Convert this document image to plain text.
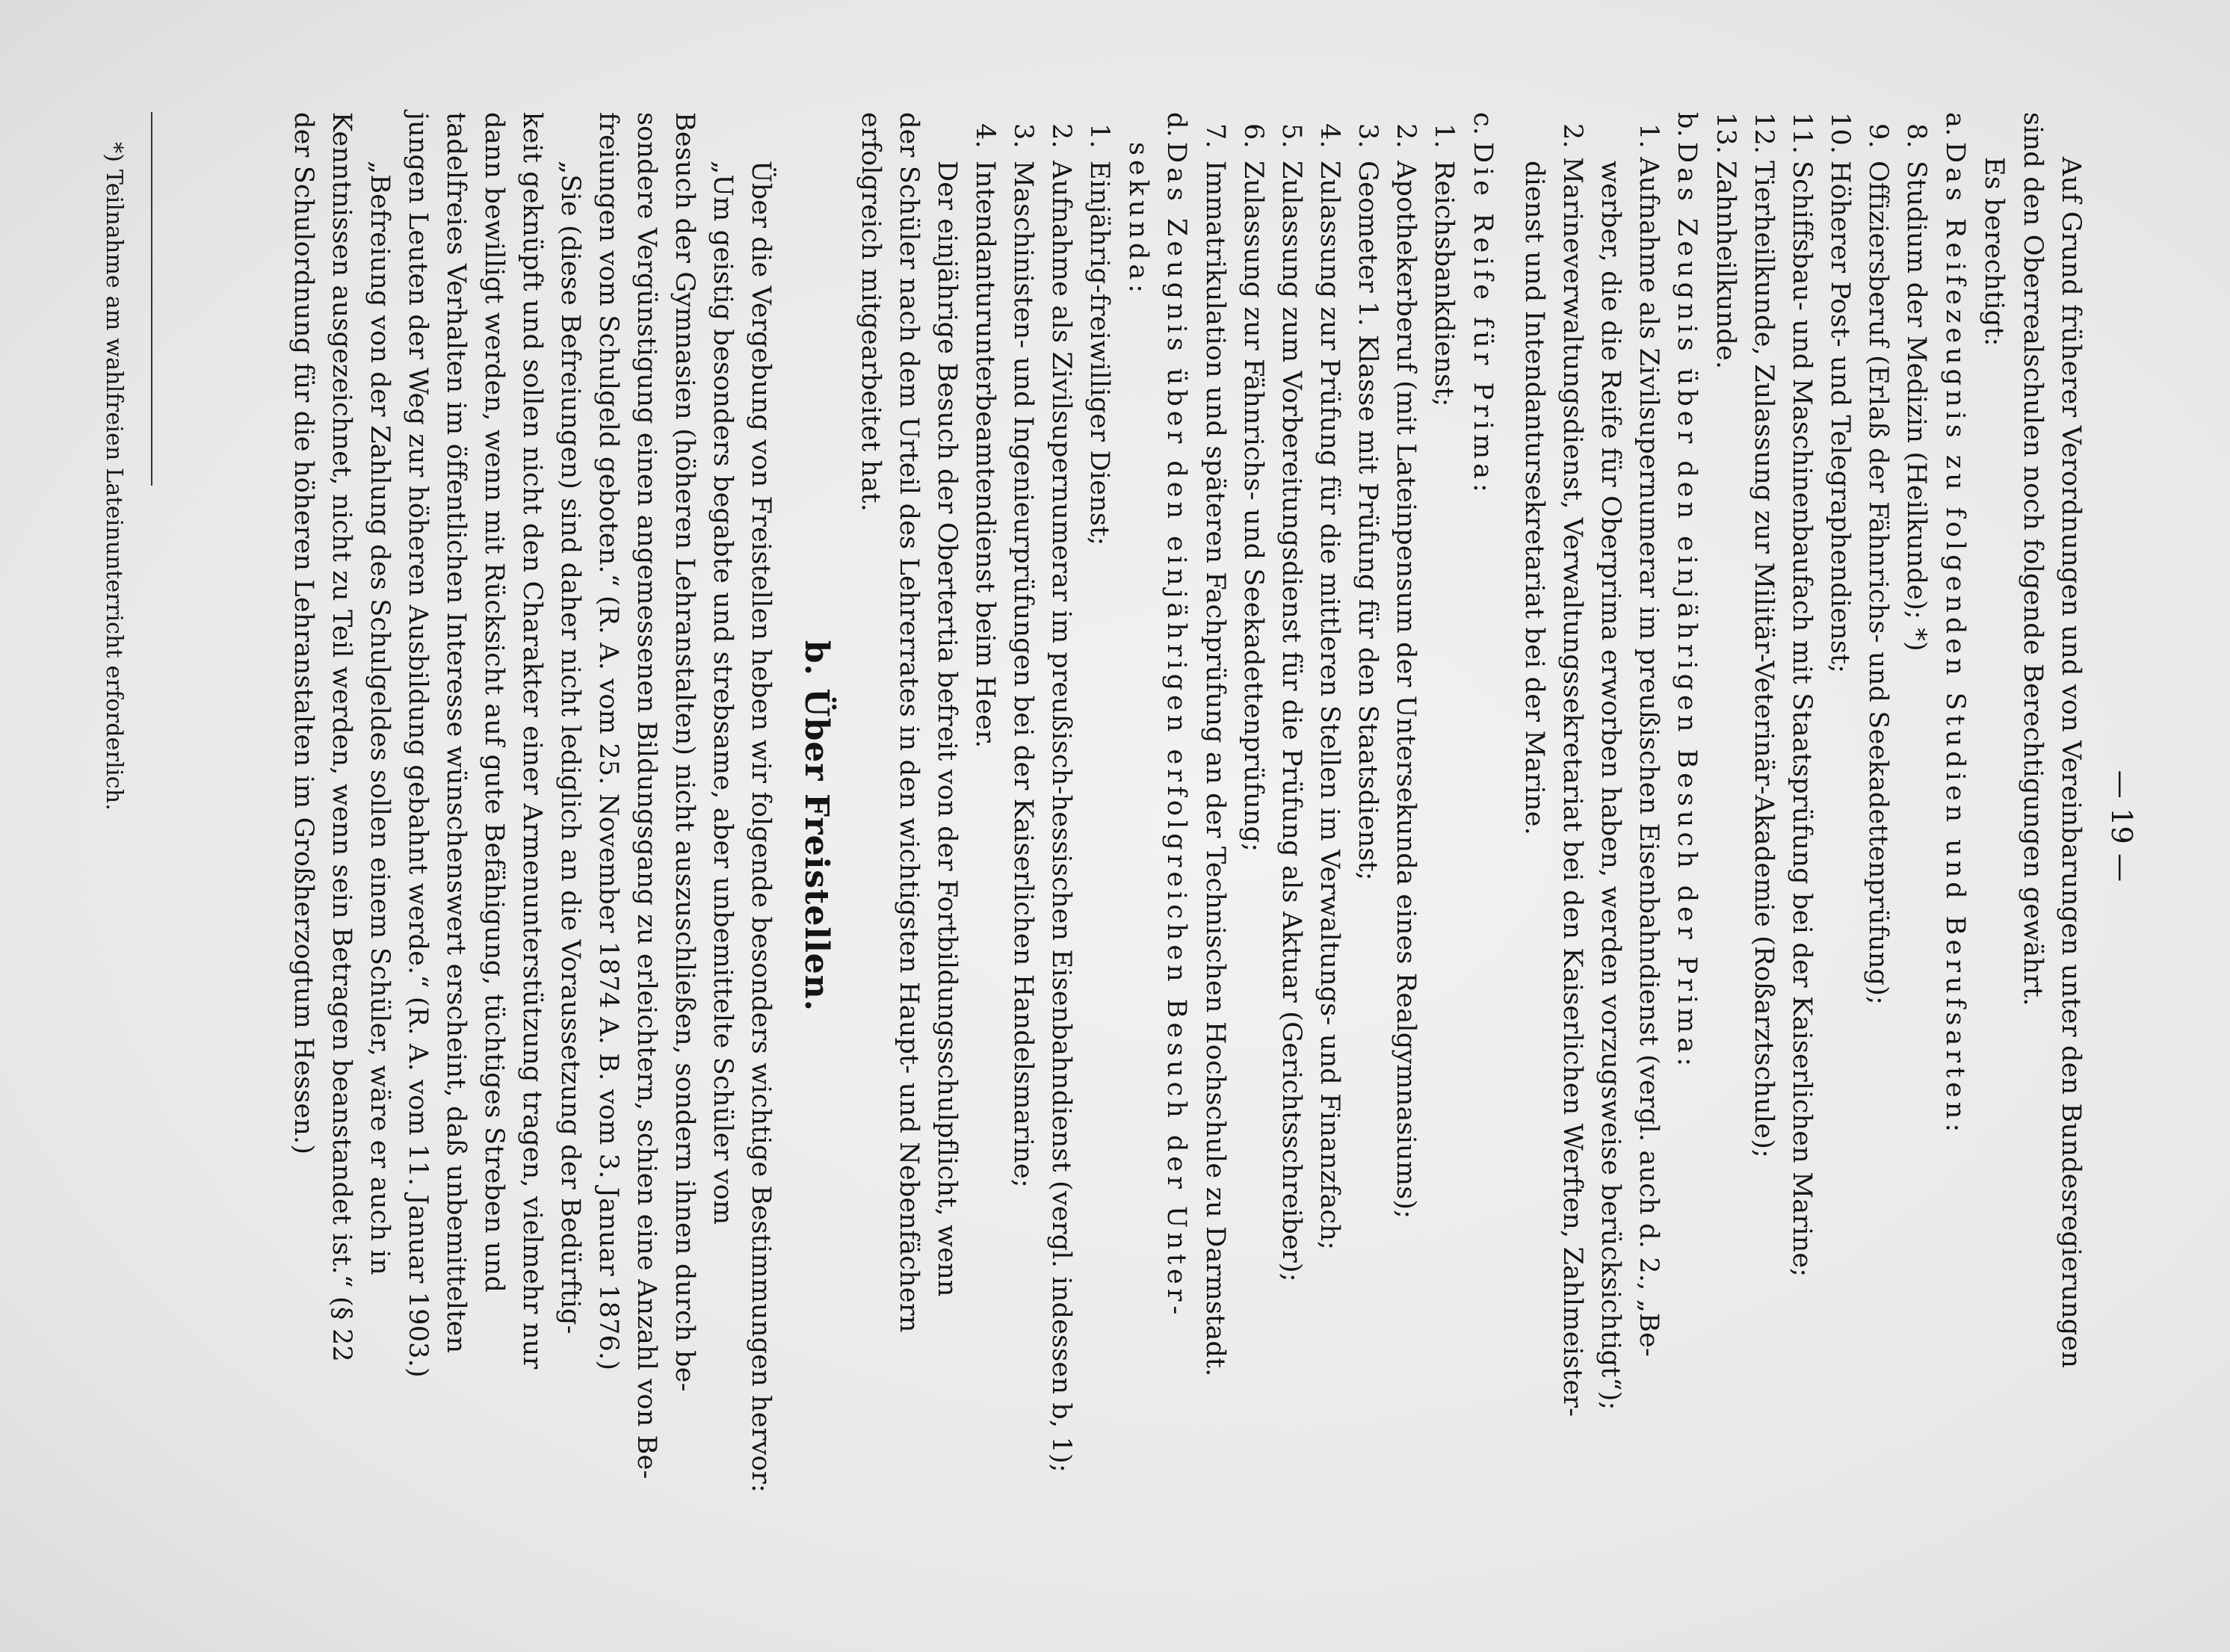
— 19 —
Auf Grund früherer Verordnungen und von Vereinbarungen unter den Bundesregierungen
sind den Oberrealschulen noch folgende Berechtigungen gewährt.
Es berechtigt:
a.
Das Reifezeugnis zu folgenden Studien und Berufsarten:
8.
Studium der Medizin (Heilkunde); *)
9.
Offiziersberuf (Erlaß der Fähnrichs- und Seekadettenprüfung);
10.
Höherer Post- und Telegraphendienst;
11.
Schiffsbau- und Maschinenbaufach mit Staatsprüfung bei der Kaiserlichen Marine;
12.
Tierheilkunde, Zulassung zur Militär-Veterinär-Akademie (Roßarztschule);
13.
Zahnheilkunde.
b.
Das Zeugnis über den einjährigen Besuch der Prima:
1. Aufnahme als Zivilsupernumerar im preußischen Eisenbahndienst (vergl. auch d. 2., „Be-
werber, die die Reife für Oberprima erworben haben, werden vorzugsweise berücksichtigt“);
2. Marineverwaltungsdienst, Verwaltungssekretariat bei den Kaiserlichen Werften, Zahlmeister-
dienst und Intendantursekretariat bei der Marine.
c.
Die Reife für Prima:
1.
Reichsbankdienst;
2.
Apothekerberuf (mit Lateinpensum der Untersekunda eines Realgymnasiums);
3.
Geometer 1. Klasse mit Prüfung für den Staatsdienst;
4.
Zulassung zur Prüfung für die mittleren Stellen im Verwaltungs- und Finanzfach;
5.
Zulassung zum Vorbereitungsdienst für die Prüfung als Aktuar (Gerichtsschreiber);
6.
Zulassung zur Fähnrichs- und Seekadettenprüfung;
7.
Immatrikulation und späteren Fachprüfung an der Technischen Hochschule zu Darmstadt.
d.
Das Zeugnis über den einjährigen erfolgreichen Besuch der Unter-
sekunda:
1.
Einjährig-freiwilliger Dienst;
2.
Aufnahme als Zivilsupernumerar im preußisch-hessischen Eisenbahndienst (vergl. indessen b, 1);
3.
Maschinisten- und Ingenieurprüfungen bei der Kaiserlichen Handelsmarine;
4.
Intendanturunterbeamtendienst beim Heer.
Der einjährige Besuch der Obertertia befreit von der Fortbildungsschulpflicht, wenn
der Schüler nach dem Urteil des Lehrerrates in den wichtigsten Haupt- und Nebenfächern
erfolgreich mitgearbeitet hat.
b. Über Freistellen.
Über die Vergebung von Freistellen heben wir folgende besonders wichtige Bestimmungen hervor:
„Um geistig besonders begabte und strebsame, aber unbemittelte Schüler vom
Besuch der Gymnasien (höheren Lehranstalten) nicht auszuschließen, sondern ihnen durch be-
sondere Vergünstigung einen angemessenen Bildungsgang zu erleichtern, schien eine Anzahl von Be-
freiungen vom Schulgeld geboten.“ (R. A. vom 25. November 1874 A. B. vom 3. Januar 1876.)
„Sie (diese Befreiungen) sind daher nicht lediglich an die Voraussetzung der Bedürftig-
keit geknüpft und sollen nicht den Charakter einer Armenunterstützung tragen, vielmehr nur
dann bewilligt werden, wenn mit Rücksicht auf gute Befähigung, tüchtiges Streben und
tadelfreies Verhalten im öffentlichen Interesse wünschenswert erscheint, daß unbemittelten
jungen Leuten der Weg zur höheren Ausbildung gebahnt werde.“ (R. A. vom 11. Januar 1903.)
„Befreiung von der Zahlung des Schulgeldes sollen einem Schüler, wäre er auch in
Kenntnissen ausgezeichnet, nicht zu Teil werden, wenn sein Betragen beanstandet ist.“ (§ 22
der Schulordnung für die höheren Lehranstalten im Großherzogtum Hessen.)
*) Teilnahme am wahlfreien Lateinunterricht erforderlich.
